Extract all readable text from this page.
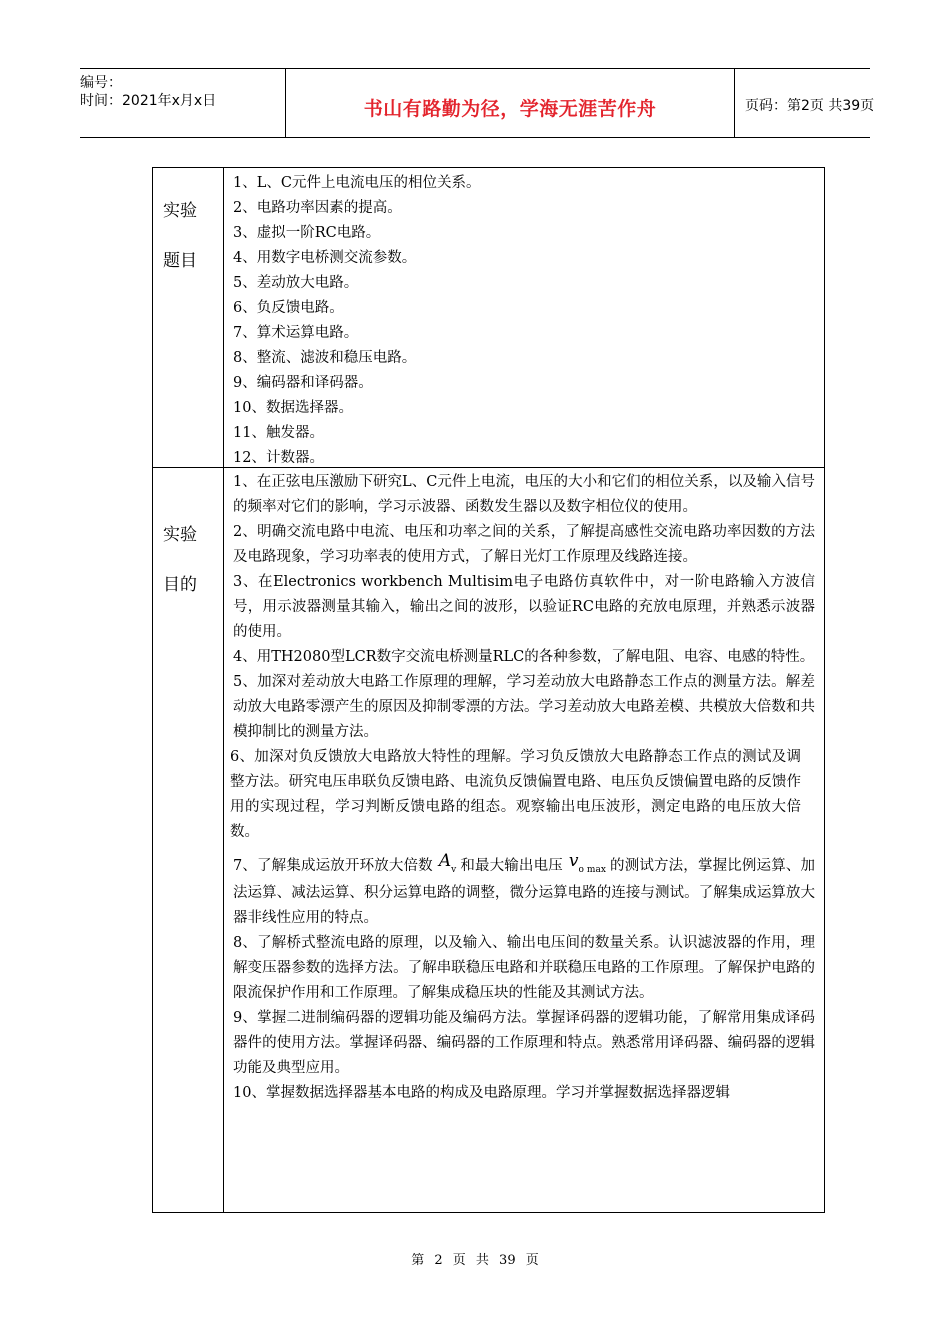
编号：
时间：2021年x月x日	书山有路勤为径，学海无涯苦作舟	页码：第2页 共39页
实验
题目
1、L、C元件上电流电压的相位关系。
2、电路功率因素的提高。
3、虚拟一阶RC电路。
4、用数字电桥测交流参数。
5、差动放大电路。
6、负反馈电路。
7、算术运算电路。
8、整流、滤波和稳压电路。
9、编码器和译码器。
10、数据选择器。
11、触发器。
12、计数器。
实验
目的

1、在正弦电压激励下研究L、C元件上电流，电压的大小和它们的相位关系，以及输入信号的频率对它们的影响，学习示波器、函数发生器以及数字相位仪的使用。

2、明确交流电路中电流、电压和功率之间的关系，了解提高感性交流电路功率因数的方法及电路现象，学习功率表的使用方式，了解日光灯工作原理及线路连接。

3、在Electronics workbench Multisim电子电路仿真软件中，对一阶电路输入方波信号，用示波器测量其输入，输出之间的波形，以验证RC电路的充放电原理，并熟悉示波器的使用。

4、用TH2080型LCR数字交流电桥测量RLC的各种参数，了解电阻、电容、电感的特性。

5、加深对差动放大电路工作原理的理解，学习差动放大电路静态工作点的测量方法。解差动放大电路零漂产生的原因及抑制零漂的方法。学习差动放大电路差模、共模放大倍数和共模抑制比的测量方法。

6、加深对负反馈放大电路放大特性的理解。学习负反馈放大电路静态工作点的测试及调整方法。研究电压串联负反馈电路、电流负反馈偏置电路、电压负反馈偏置电路的反馈作用的实现过程，学习判断反馈电路的组态。观察输出电压波形，测定电路的电压放大倍数。

7、了解集成运放开环放大倍数 $A_v$ 和最大输出电压 $v_{o max}$ 的测试方法，掌握比例运算、加法运算、减法运算、积分运算电路的调整，微分运算电路的连接与测试。了解集成运算放大器非线性应用的特点。

8、了解桥式整流电路的原理，以及输入、输出电压间的数量关系。认识滤波器的作用，理解变压器参数的选择方法。了解串联稳压电路和并联稳压电路的工作原理。了解保护电路的限流保护作用和工作原理。了解集成稳压块的性能及其测试方法。

9、掌握二进制编码器的逻辑功能及编码方法。掌握译码器的逻辑功能，了解常用集成译码器件的使用方法。掌握译码器、编码器的工作原理和特点。熟悉常用译码器、编码器的逻辑功能及典型应用。

10、掌握数据选择器基本电路的构成及电路原理。学习并掌握数据选择器逻辑

第 2 页 共 39 页
